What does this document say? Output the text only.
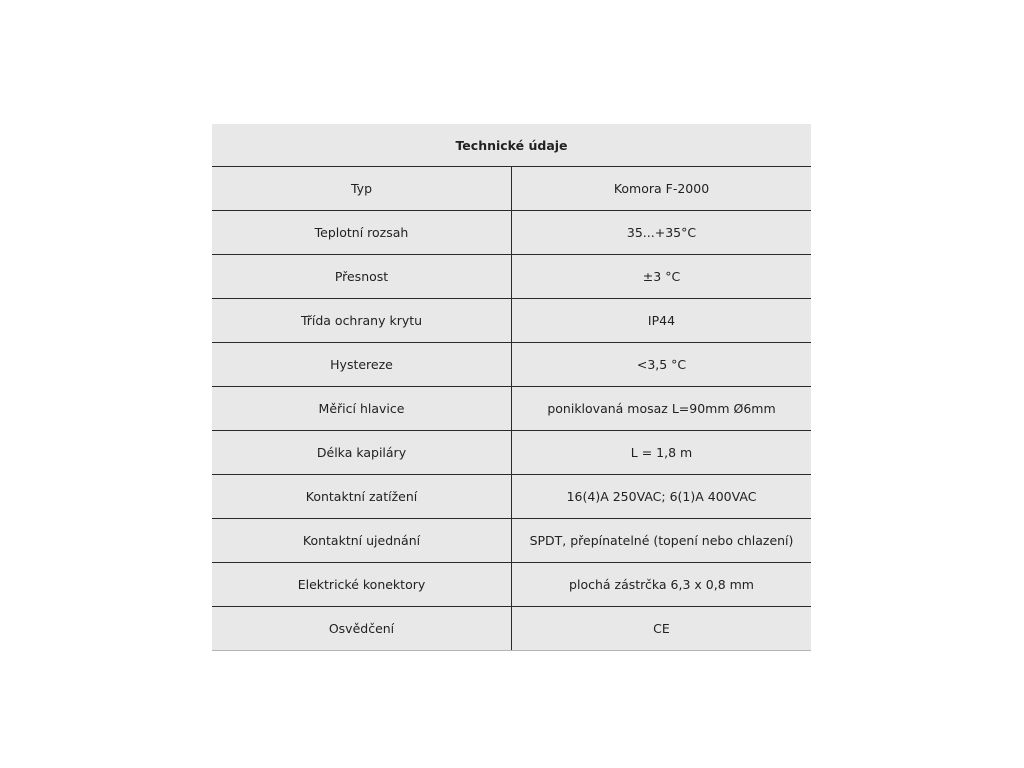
Technické údaje	
Typ	Komora F-2000
Teplotní rozsah	35...+35°C
Přesnost	±3 °C
Třída ochrany krytu	IP44
Hystereze	<3,5 °C
Měřicí hlavice	poniklovaná mosaz L=90mm Ø6mm
Délka kapiláry	L = 1,8 m
Kontaktní zatížení	16(4)A 250VAC; 6(1)A 400VAC
Kontaktní ujednání	SPDT, přepínatelné (topení nebo chlazení)
Elektrické konektory	plochá zástrčka 6,3 x 0,8 mm
Osvědčení	CE
